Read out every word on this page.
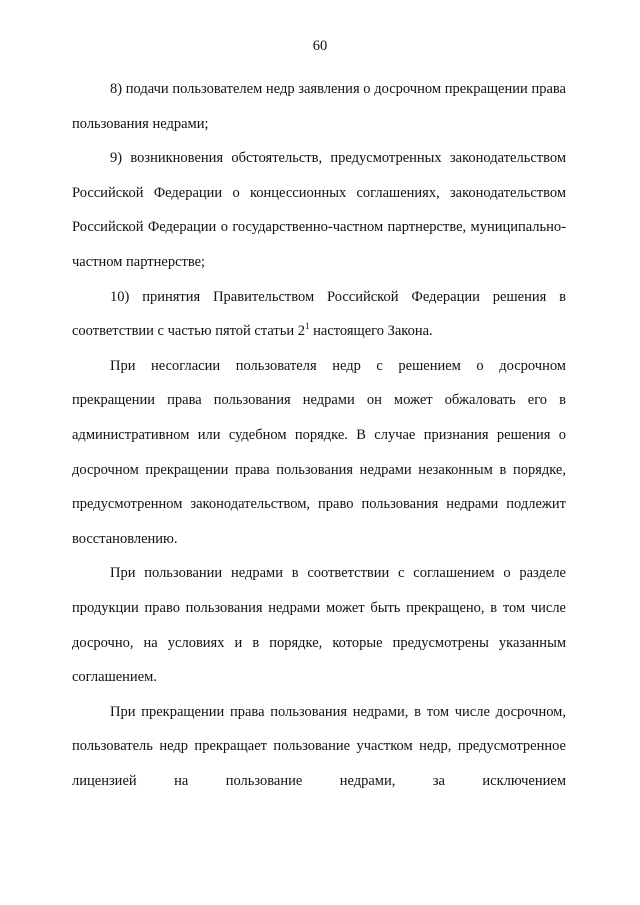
60

8) подачи пользователем недр заявления о досрочном прекращении права пользования недрами;

9) возникновения обстоятельств, предусмотренных законодательством Российской Федерации о концессионных соглашениях, законодательством Российской Федерации о государственно-частном партнерстве, муниципально-частном партнерстве;

10) принятия Правительством Российской Федерации решения в соответствии с частью пятой статьи $2^1$ настоящего Закона.

При несогласии пользователя недр с решением о досрочном прекращении права пользования недрами он может обжаловать его в административном или судебном порядке. В случае признания решения о досрочном прекращении права пользования недрами незаконным в порядке, предусмотренном законодательством, право пользования недрами подлежит восстановлению.

При пользовании недрами в соответствии с соглашением о разделе продукции право пользования недрами может быть прекращено, в том числе досрочно, на условиях и в порядке, которые предусмотрены указанным соглашением.

При прекращении права пользования недрами, в том числе досрочном, пользователь недр прекращает пользование участком недр, предусмотренное лицензией на пользование недрами, за исключением
